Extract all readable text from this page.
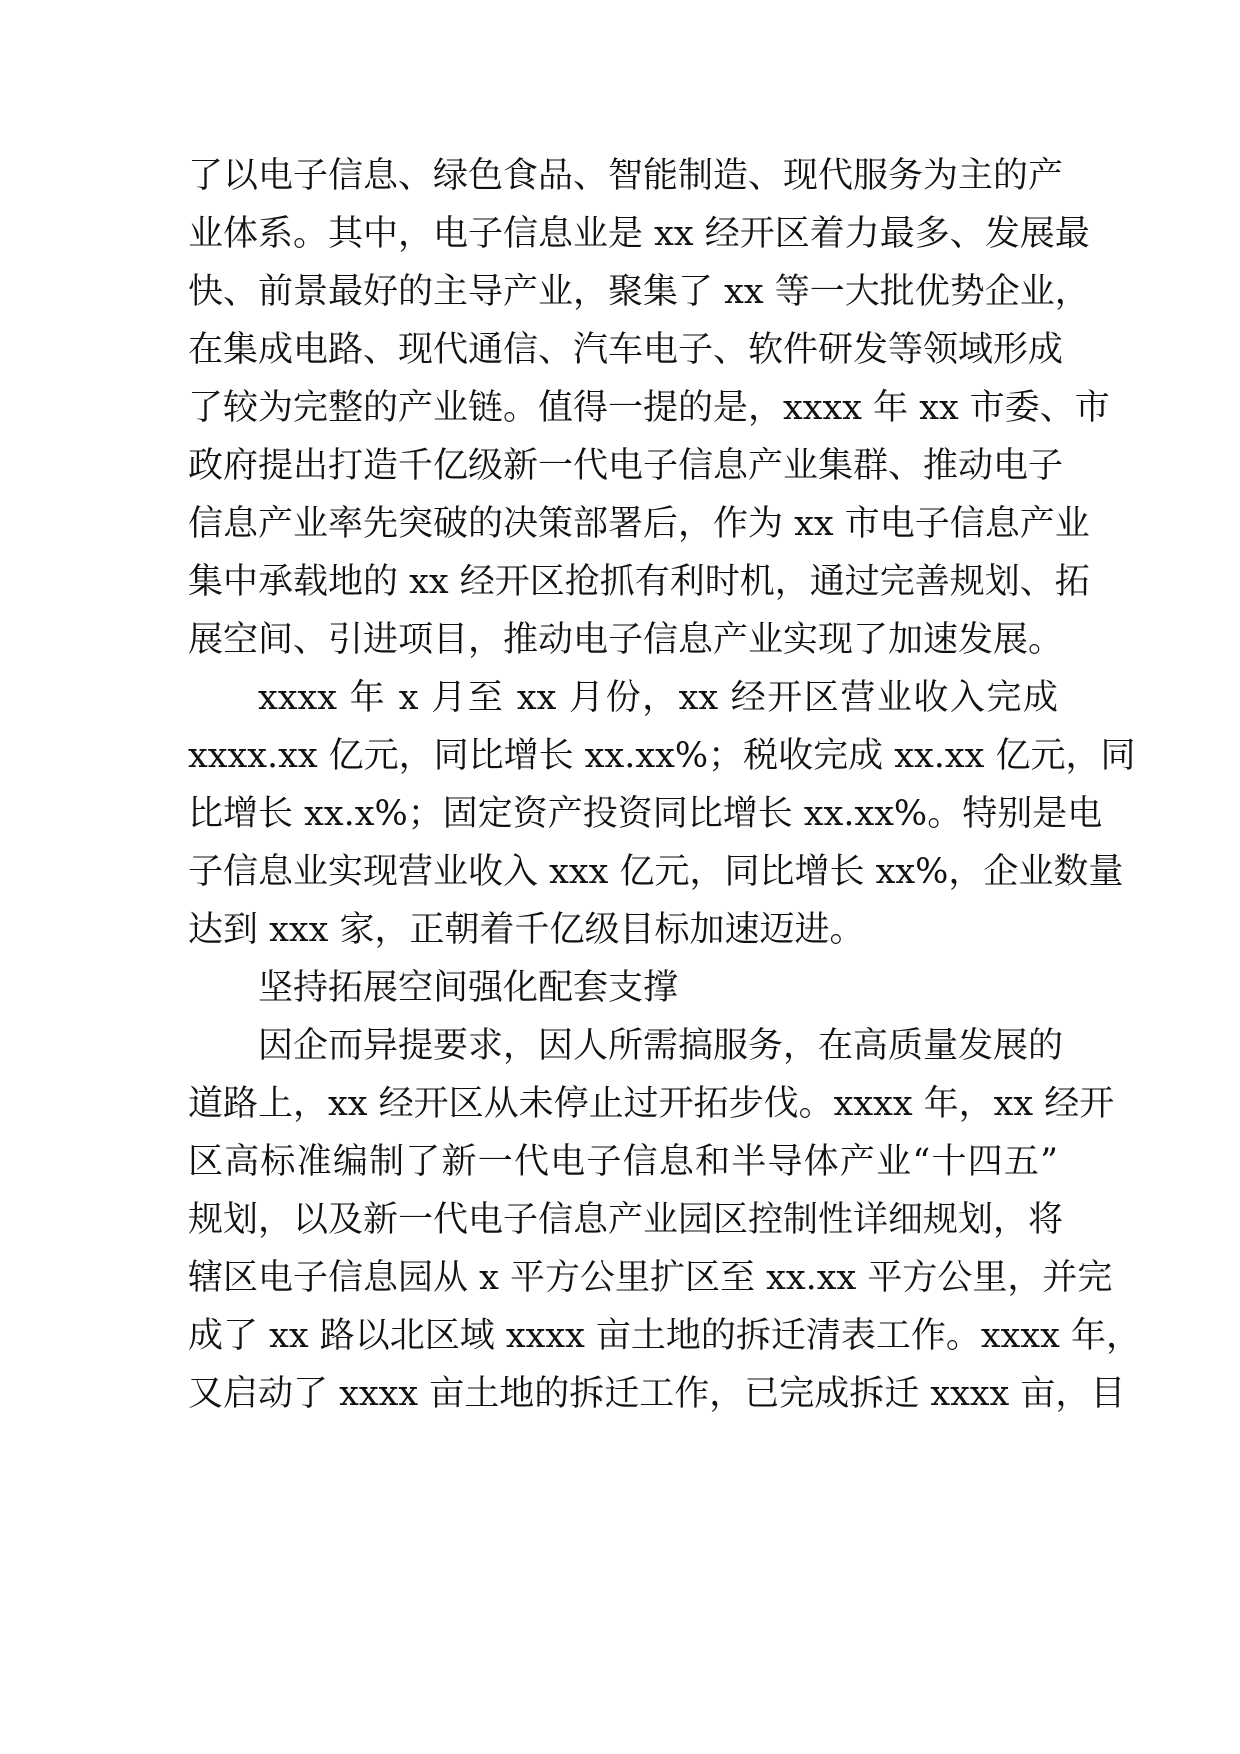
了以电子信息、绿色食品、智能制造、现代服务为主的产
业体系。其中，电子信息业是 xx 经开区着力最多、发展最
快、前景最好的主导产业，聚集了 xx 等一大批优势企业，
在集成电路、现代通信、汽车电子、软件研发等领域形成
了较为完整的产业链。值得一提的是，xxxx 年 xx 市委、市
政府提出打造千亿级新一代电子信息产业集群、推动电子
信息产业率先突破的决策部署后，作为 xx 市电子信息产业
集中承载地的 xx 经开区抢抓有利时机，通过完善规划、拓
展空间、引进项目，推动电子信息产业实现了加速发展。
xxxx 年 x 月至 xx 月份，xx 经开区营业收入完成
xxxx.xx 亿元，同比增长 xx.xx%；税收完成 xx.xx 亿元，同
比增长 xx.x%；固定资产投资同比增长 xx.xx%。特别是电
子信息业实现营业收入 xxx 亿元，同比增长 xx%，企业数量
达到 xxx 家，正朝着千亿级目标加速迈进。
坚持拓展空间强化配套支撑
因企而异提要求，因人所需搞服务，在高质量发展的
道路上，xx 经开区从未停止过开拓步伐。xxxx 年，xx 经开
区高标准编制了新一代电子信息和半导体产业“十四五”
规划，以及新一代电子信息产业园区控制性详细规划，将
辖区电子信息园从 x 平方公里扩区至 xx.xx 平方公里，并完
成了 xx 路以北区域 xxxx 亩土地的拆迁清表工作。xxxx 年，
又启动了 xxxx 亩土地的拆迁工作，已完成拆迁 xxxx 亩，目
